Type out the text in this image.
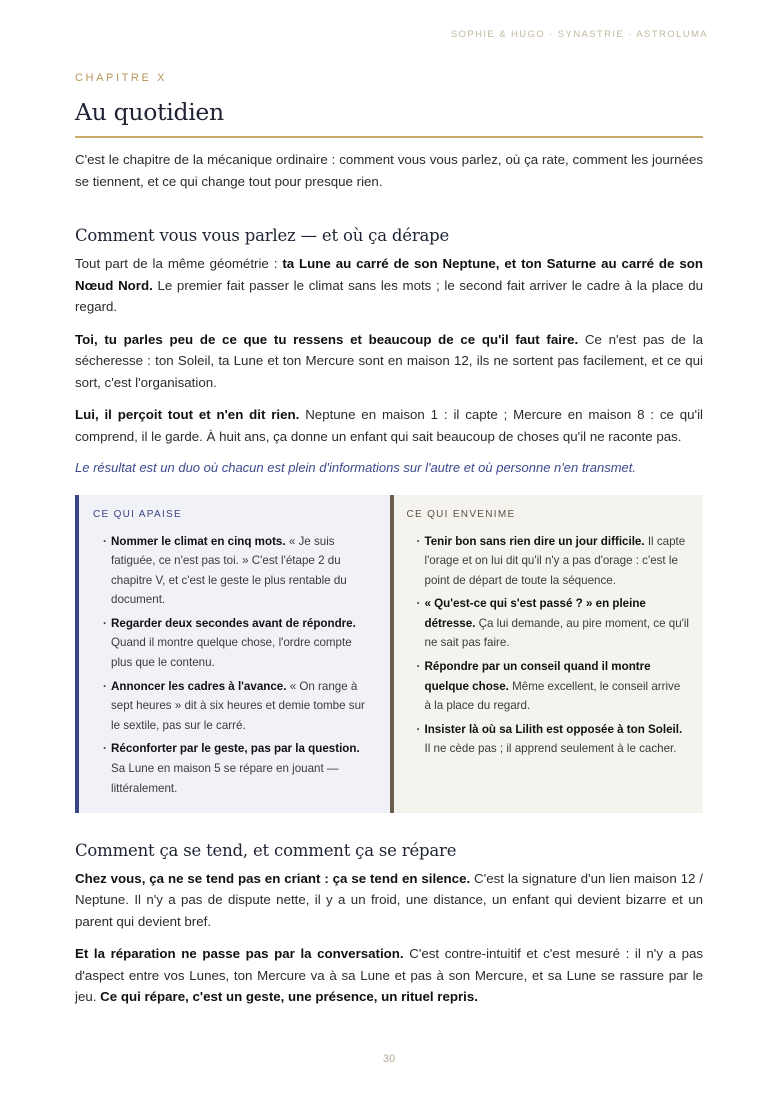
SOPHIE & HUGO · SYNASTRIE · ASTROLUMA
CHAPITRE X
Au quotidien

C'est le chapitre de la mécanique ordinaire : comment vous vous parlez, où ça rate, comment les journées se tiennent, et ce qui change tout pour presque rien.

Comment vous vous parlez — et où ça dérape

Tout part de la même géométrie : ta Lune au carré de son Neptune, et ton Saturne au carré de son Nœud Nord. Le premier fait passer le climat sans les mots ; le second fait arriver le cadre à la place du regard.

Toi, tu parles peu de ce que tu ressens et beaucoup de ce qu'il faut faire. Ce n'est pas de la sécheresse : ton Soleil, ta Lune et ton Mercure sont en maison 12, ils ne sortent pas facilement, et ce qui sort, c'est l'organisation.

Lui, il perçoit tout et n'en dit rien. Neptune en maison 1 : il capte ; Mercure en maison 8 : ce qu'il comprend, il le garde. À huit ans, ça donne un enfant qui sait beaucoup de choses qu'il ne raconte pas.

Le résultat est un duo où chacun est plein d'informations sur l'autre et où personne n'en transmet.

CE QUI APAISE
· Nommer le climat en cinq mots. « Je suis fatiguée, ce n'est pas toi. » C'est l'étape 2 du chapitre V, et c'est le geste le plus rentable du document.
· Regarder deux secondes avant de répondre. Quand il montre quelque chose, l'ordre compte plus que le contenu.
· Annoncer les cadres à l'avance. « On range à sept heures » dit à six heures et demie tombe sur le sextile, pas sur le carré.
· Réconforter par le geste, pas par la question. Sa Lune en maison 5 se répare en jouant — littéralement.
CE QUI ENVENIME
· Tenir bon sans rien dire un jour difficile. Il capte l'orage et on lui dit qu'il n'y a pas d'orage : c'est le point de départ de toute la séquence.
· « Qu'est-ce qui s'est passé ? » en pleine détresse. Ça lui demande, au pire moment, ce qu'il ne sait pas faire.
· Répondre par un conseil quand il montre quelque chose. Même excellent, le conseil arrive à la place du regard.
· Insister là où sa Lilith est opposée à ton Soleil. Il ne cède pas ; il apprend seulement à le cacher.
Comment ça se tend, et comment ça se répare

Chez vous, ça ne se tend pas en criant : ça se tend en silence. C'est la signature d'un lien maison 12 / Neptune. Il n'y a pas de dispute nette, il y a un froid, une distance, un enfant qui devient bizarre et un parent qui devient bref.

Et la réparation ne passe pas par la conversation. C'est contre-intuitif et c'est mesuré : il n'y a pas d'aspect entre vos Lunes, ton Mercure va à sa Lune et pas à son Mercure, et sa Lune se rassure par le jeu. Ce qui répare, c'est un geste, une présence, un rituel repris.

30
